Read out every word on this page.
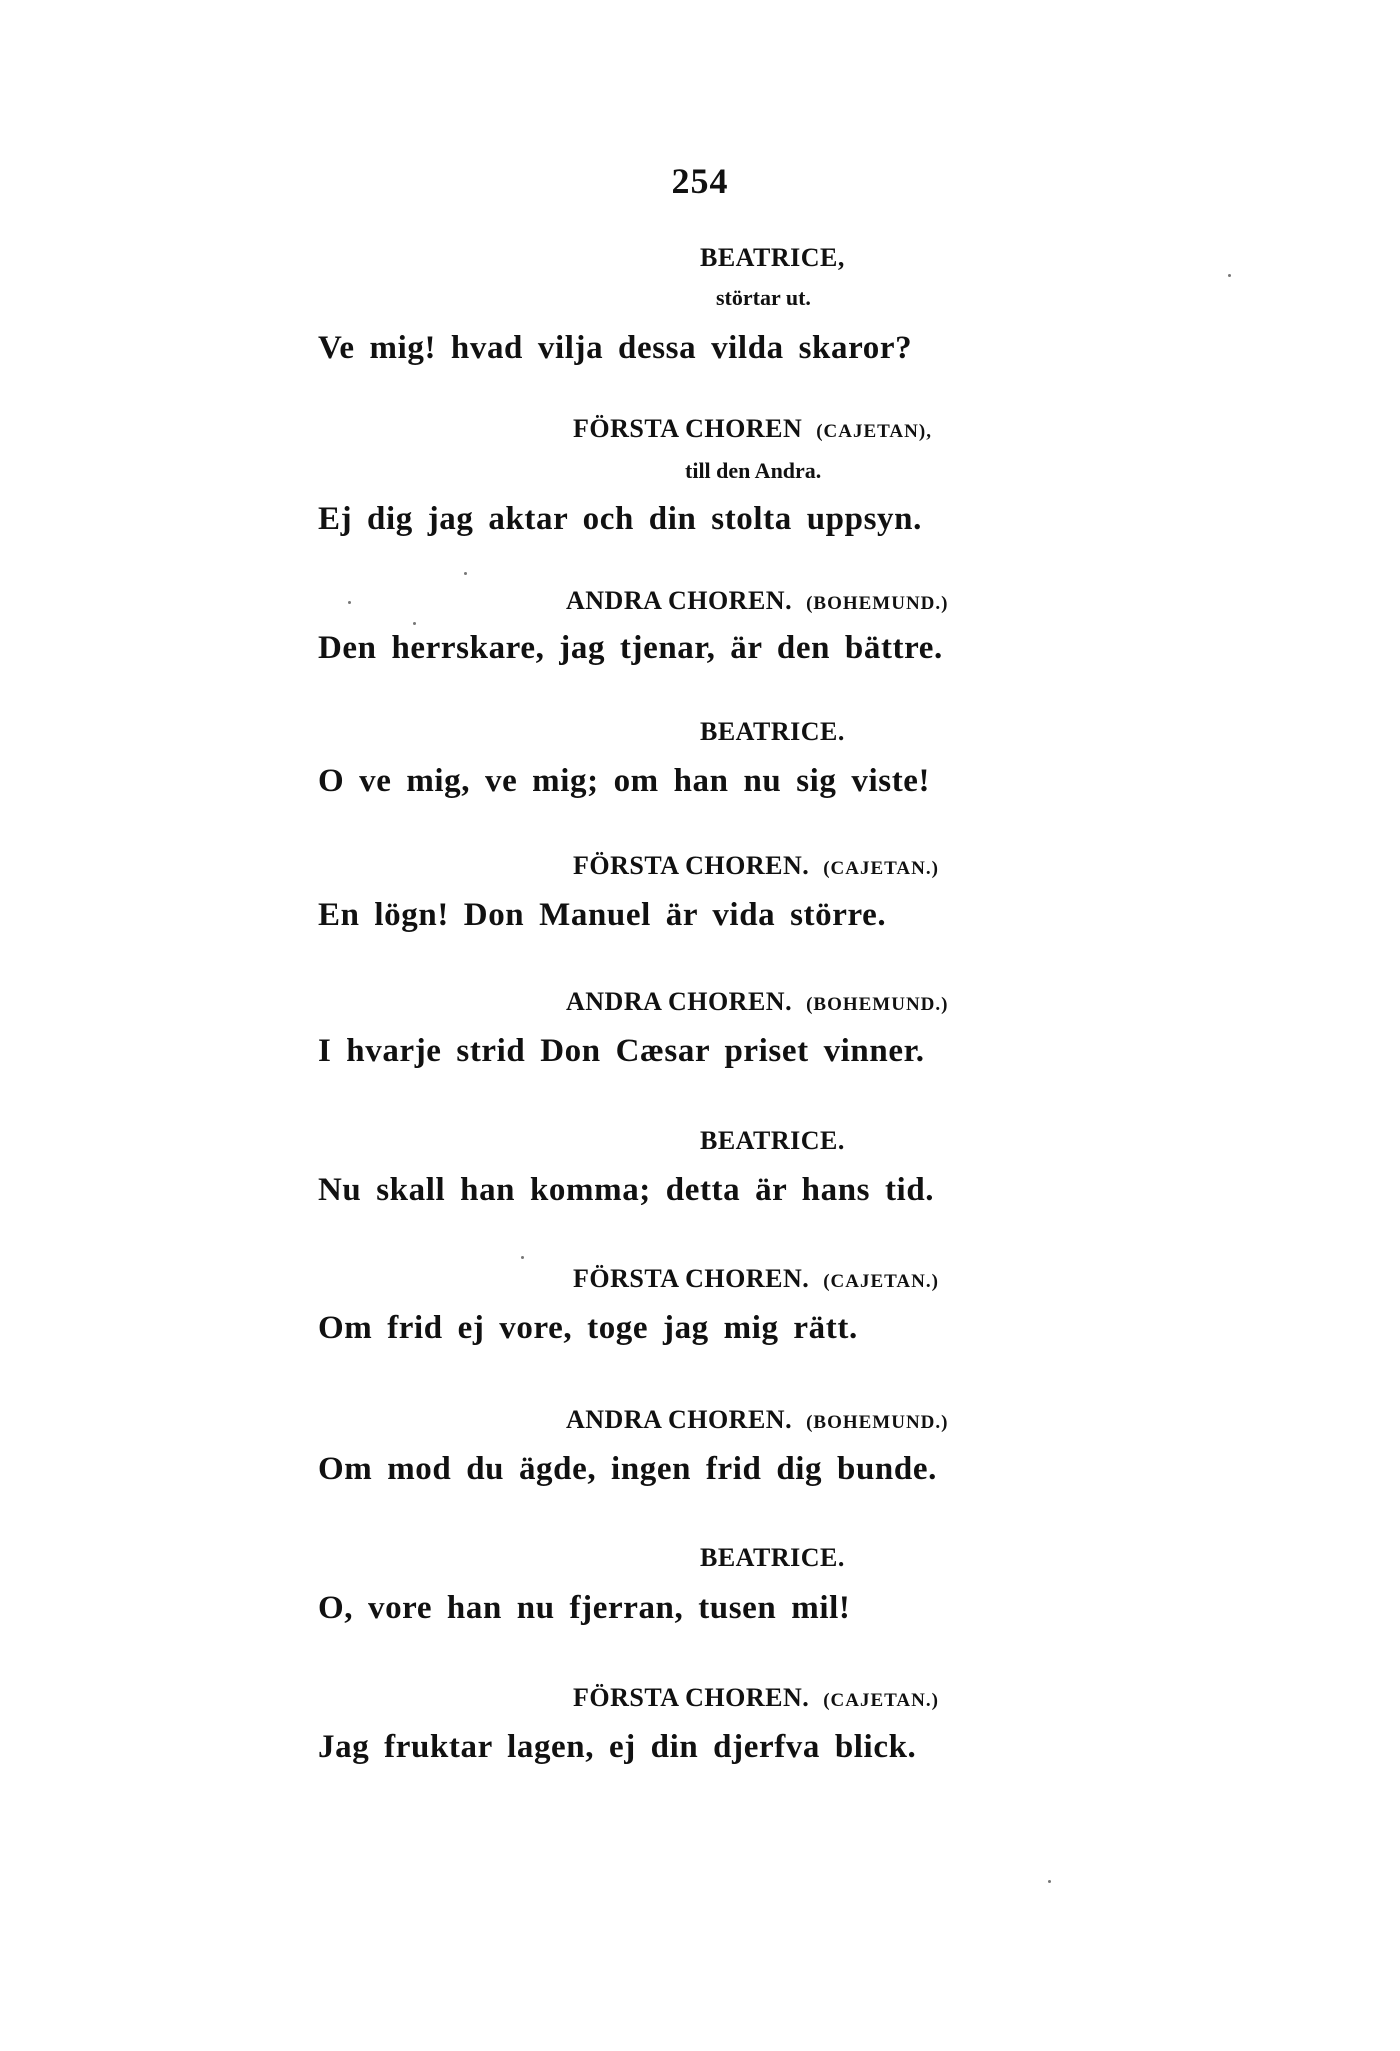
254
BEATRICE,
störtar ut.
Ve mig! hvad vilja dessa vilda skaror?
FÖRSTA CHOREN (CAJETAN),
till den Andra.
Ej dig jag aktar och din stolta uppsyn.
ANDRA CHOREN. (BOHEMUND.)
Den herrskare, jag tjenar, är den bättre.
BEATRICE.
O ve mig, ve mig; om han nu sig viste!
FÖRSTA CHOREN. (CAJETAN.)
En lögn! Don Manuel är vida större.
ANDRA CHOREN. (BOHEMUND.)
I hvarje strid Don Cæsar priset vinner.
BEATRICE.
Nu skall han komma; detta är hans tid.
FÖRSTA CHOREN. (CAJETAN.)
Om frid ej vore, toge jag mig rätt.
ANDRA CHOREN. (BOHEMUND.)
Om mod du ägde, ingen frid dig bunde.
BEATRICE.
O, vore han nu fjerran, tusen mil!
FÖRSTA CHOREN. (CAJETAN.)
Jag fruktar lagen, ej din djerfva blick.
